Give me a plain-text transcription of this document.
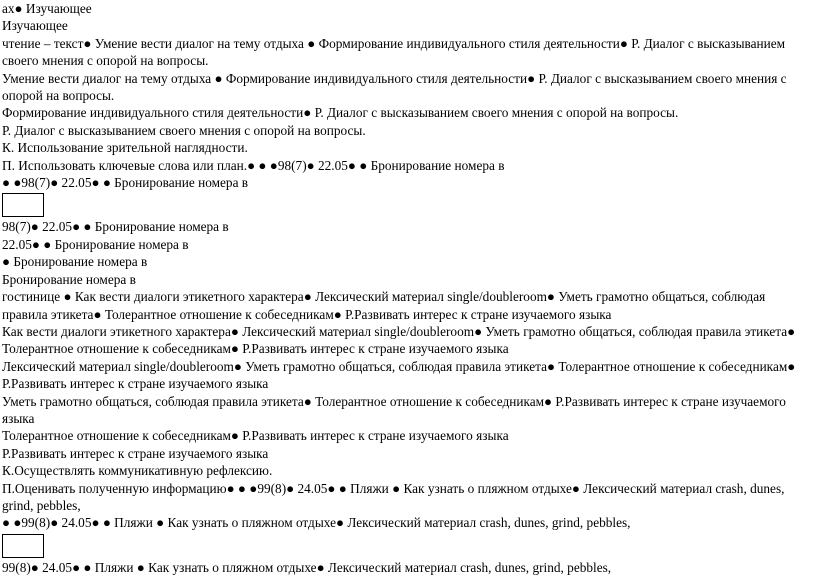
ах● Изучающее

Изучающее

чтение – текст● Умение вести диалог на тему отдыха ● Формирование индивидуального стиля деятельности● Р. Диалог с высказыванием своего мнения с опорой на вопросы.

Умение вести диалог на тему отдыха ● Формирование индивидуального стиля деятельности● Р. Диалог с высказыванием своего мнения с опорой на вопросы.

Формирование индивидуального стиля деятельности● Р. Диалог с высказыванием своего мнения с опорой на вопросы.

Р. Диалог с высказыванием своего мнения с опорой на вопросы.

К. Использование зрительной наглядности.

П. Использовать ключевые слова или план.● ● ●98(7)● 22.05● ● Бронирование номера в

● ●98(7)● 22.05● ● Бронирование номера в

98(7)● 22.05● ● Бронирование номера в

22.05● ● Бронирование номера в

● Бронирование номера в

Бронирование номера в

гостинице ● Как вести диалоги этикетного характера● Лексический материал single/doubleroom● Уметь грамотно общаться, соблюдая правила этикета● Толерантное отношение к собеседникам● Р.Развивать интерес к стране изучаемого языка

Как вести диалоги этикетного характера● Лексический материал single/doubleroom● Уметь грамотно общаться, соблюдая правила этикета● Толерантное отношение к собеседникам● Р.Развивать интерес к стране изучаемого языка

Лексический материал single/doubleroom● Уметь грамотно общаться, соблюдая правила этикета● Толерантное отношение к собеседникам● Р.Развивать интерес к стране изучаемого языка

Уметь грамотно общаться, соблюдая правила этикета● Толерантное отношение к собеседникам● Р.Развивать интерес к стране изучаемого языка

Толерантное отношение к собеседникам● Р.Развивать интерес к стране изучаемого языка

Р.Развивать интерес к стране изучаемого языка

К.Осуществлять коммуникативную рефлексию.

П.Оценивать полученную информацию● ● ●99(8)● 24.05● ● Пляжи ● Как узнать о пляжном отдыхе● Лексический материал crash, dunes, grind, pebbles,

● ●99(8)● 24.05● ● Пляжи ● Как узнать о пляжном отдыхе● Лексический материал crash, dunes, grind, pebbles,

99(8)● 24.05● ● Пляжи ● Как узнать о пляжном отдыхе● Лексический материал crash, dunes, grind, pebbles,
